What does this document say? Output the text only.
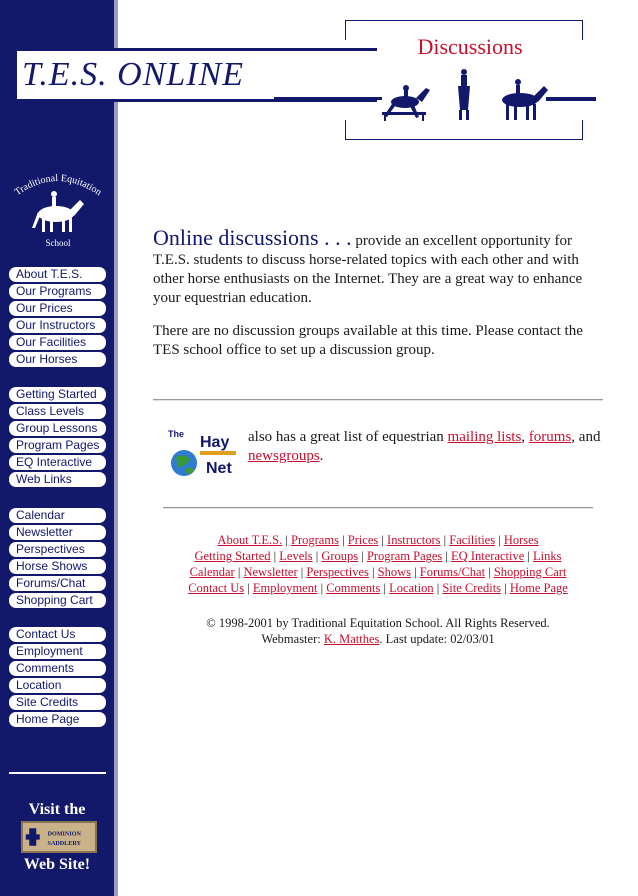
T.E.S. ONLINE
Discussions
Traditional Equitation
School
About T.E.S.
Our Programs
Our Prices
Our Instructors
Our Facilities
Our Horses
Getting Started
Class Levels
Group Lessons
Program Pages
EQ Interactive
Web Links
Calendar
Newsletter
Perspectives
Horse Shows
Forums/Chat
Shopping Cart
Contact Us
Employment
Comments
Location
Site Credits
Home Page
Visit the
DOMINION
SADDLERY
Web Site!
Online discussions . . . provide an excellent opportunity for T.E.S. students to discuss horse-related topics with each other and with other horse enthusiasts on the Internet. They are a great way to enhance your equestrian education.
There are no discussion groups available at this time. Please contact the TES school office to set up a discussion group.
The Hay
Net
also has a great list of equestrian mailing lists, forums, and newsgroups.
About T.E.S. | Programs | Prices | Instructors | Facilities | Horses
Getting Started | Levels | Groups | Program Pages | EQ Interactive | Links
Calendar | Newsletter | Perspectives | Shows | Forums/Chat | Shopping Cart
Contact Us | Employment | Comments | Location | Site Credits | Home Page
© 1998-2001 by Traditional Equitation School. All Rights Reserved.
Webmaster: K. Matthes. Last update: 02/03/01
